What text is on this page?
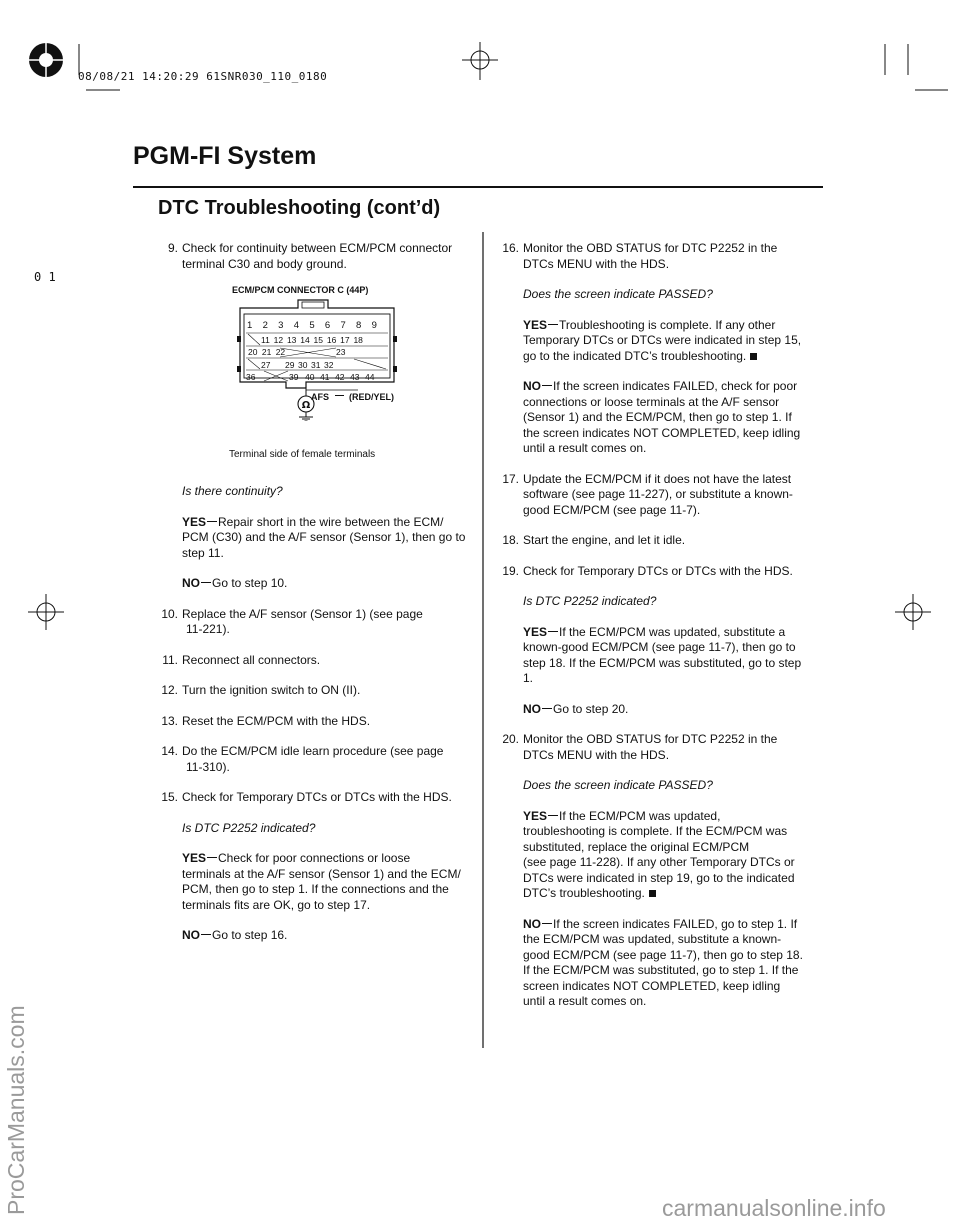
08/08/21 14:20:29 61SNR030_110_0180
PGM-FI System
DTC Troubleshooting (cont’d)
0 1
ProCarManuals.com	carmanualsonline.info
ECM/PCM CONNECTOR C (44P)
Ω
1 2 3 4 5 6 7 8 9
11 12 13 14 15 16 17 18
20 21 22	23
27 29 30 31 32
36	39 40 41 42 43 44
AFS (RED/YEL)
Terminal side of female terminals
9. Check for continuity between ECM/PCM connector
terminal C30 and body ground.
Is there continuity?
YES Repair short in the wire between the ECM/
PCM (C30) and the A/F sensor (Sensor 1), then go to
step 11.
NO Go to step 10.
10. Replace the A/F sensor (Sensor 1) (see page
11-221).
11. Reconnect all connectors.
12. Turn the ignition switch to ON (II).
13. Reset the ECM/PCM with the HDS.
14. Do the ECM/PCM idle learn procedure (see page
11-310).
15. Check for Temporary DTCs or DTCs with the HDS.
Is DTC P2252 indicated?
YES Check for poor connections or loose
terminals at the A/F sensor (Sensor 1) and the ECM/
PCM, then go to step 1. If the connections and the
terminals fits are OK, go to step 17.
NO Go to step 16.
16. Monitor the OBD STATUS for DTC P2252 in the
DTCs MENU with the HDS.
Does the screen indicate PASSED?
YES Troubleshooting is complete. If any other
Temporary DTCs or DTCs were indicated in step 15,
go to the indicated DTC’s troubleshooting.
NO If the screen indicates FAILED, check for poor
connections or loose terminals at the A/F sensor
(Sensor 1) and the ECM/PCM, then go to step 1. If
the screen indicates NOT COMPLETED, keep idling
until a result comes on.
17. Update the ECM/PCM if it does not have the latest
software (see page 11-227), or substitute a known-
good ECM/PCM (see page 11-7).
18. Start the engine, and let it idle.
19. Check for Temporary DTCs or DTCs with the HDS.
Is DTC P2252 indicated?
YES If the ECM/PCM was updated, substitute a
known-good ECM/PCM (see page 11-7), then go to
step 18. If the ECM/PCM was substituted, go to step
1.
NO Go to step 20.
20. Monitor the OBD STATUS for DTC P2252 in the
DTCs MENU with the HDS.
Does the screen indicate PASSED?
YES If the ECM/PCM was updated,
troubleshooting is complete. If the ECM/PCM was
substituted, replace the original ECM/PCM
(see page 11-228). If any other Temporary DTCs or
DTCs were indicated in step 19, go to the indicated
DTC’s troubleshooting.
NO If the screen indicates FAILED, go to step 1. If
the ECM/PCM was updated, substitute a known-
good ECM/PCM (see page 11-7), then go to step 18.
If the ECM/PCM was substituted, go to step 1. If the
screen indicates NOT COMPLETED, keep idling
until a result comes on.
